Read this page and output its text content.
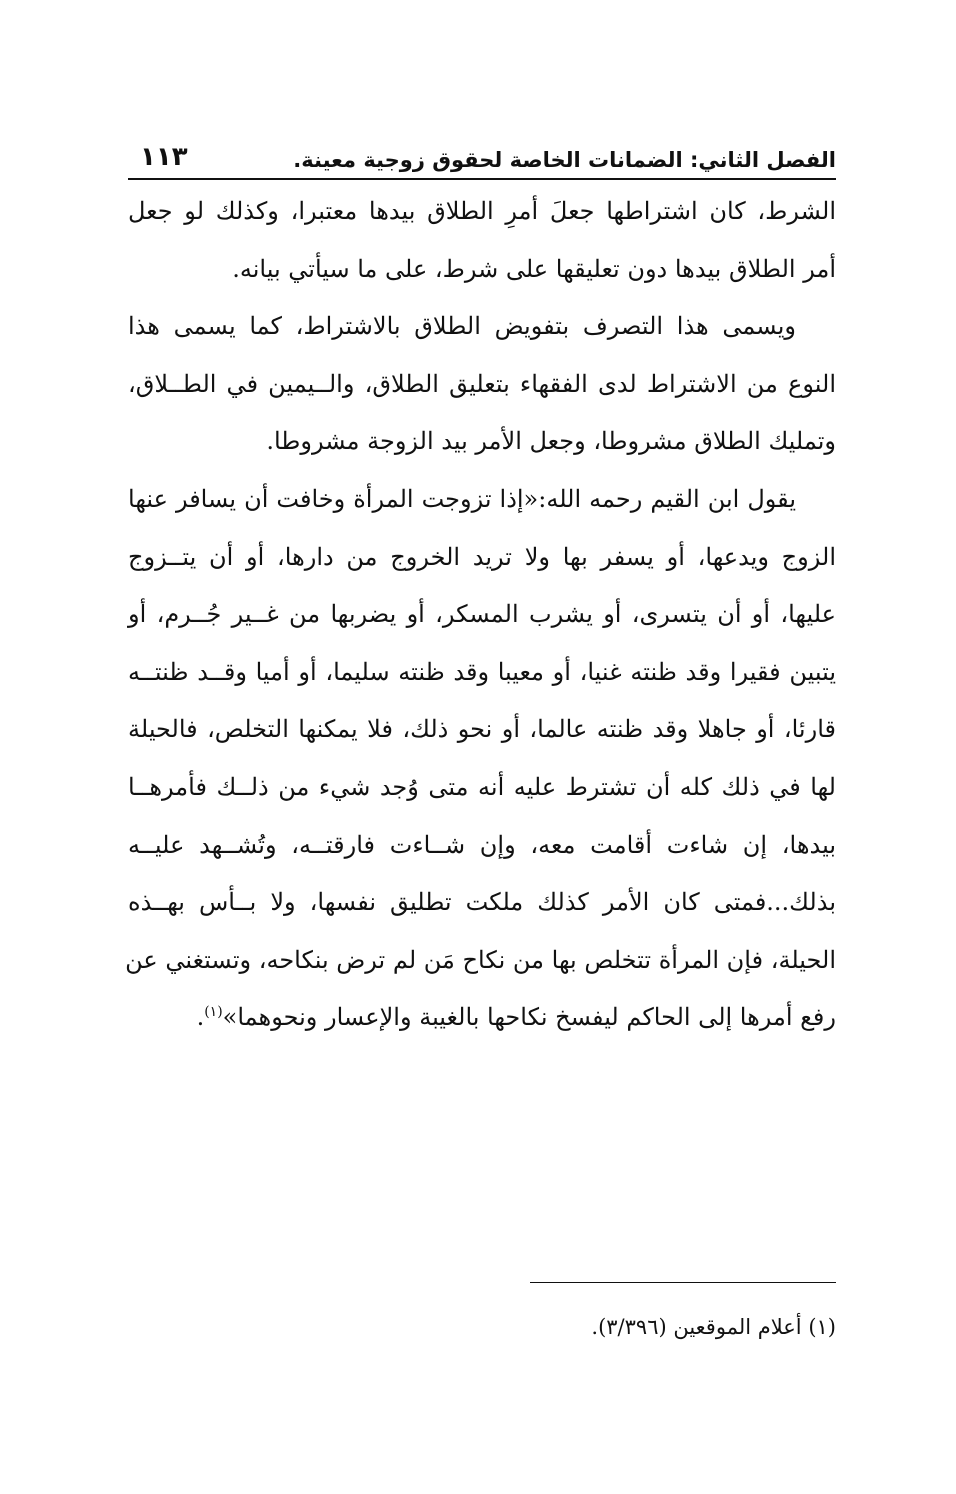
الفصل الثاني: الضمانات الخاصة لحقوق زوجية معينة.
١١٣
الشرط، كان اشتراطها جعلَ أمرِ الطلاق بيدها معتبرا، وكذلك لو جعل
أمر الطلاق بيدها دون تعليقها على شرط، على ما سيأتي بيانه.
ويسمى هذا التصرف بتفويض الطلاق بالاشتراط، كما يسمى هذا
النوع من الاشتراط لدى الفقهاء بتعليق الطلاق، والــيمين في الطــلاق،
وتمليك الطلاق مشروطا، وجعل الأمر بيد الزوجة مشروطا.
يقول ابن القيم رحمه الله:«إذا تزوجت المرأة وخافت أن يسافر عنها
الزوج ويدعها، أو يسفر بها ولا تريد الخروج من دارها، أو أن يتــزوج
عليها، أو أن يتسرى، أو يشرب المسكر، أو يضربها من غــير جُــرم، أو
يتبين فقيرا وقد ظنته غنيا، أو معيبا وقد ظنته سليما، أو أميا وقــد ظنتــه
قارئا، أو جاهلا وقد ظنته عالما، أو نحو ذلك، فلا يمكنها التخلص، فالحيلة
لها في ذلك كله أن تشترط عليه أنه متى وُجد شيء من ذلــك فأمرهــا
بيدها، إن شاءت أقامت معه، وإن شــاءت فارقتــه، وتُشــهد عليــه
بذلك...فمتى كان الأمر كذلك ملكت تطليق نفسها، ولا بــأس بهــذه
الحيلة، فإن المرأة تتخلص بها من نكاح مَن لم ترض بنكاحه، وتستغني عن
رفع أمرها إلى الحاكم ليفسخ نكاحها بالغيبة والإعسار ونحوهما»$^{(١)}$.
(١) أعلام الموقعين (٣/٣٩٦).
